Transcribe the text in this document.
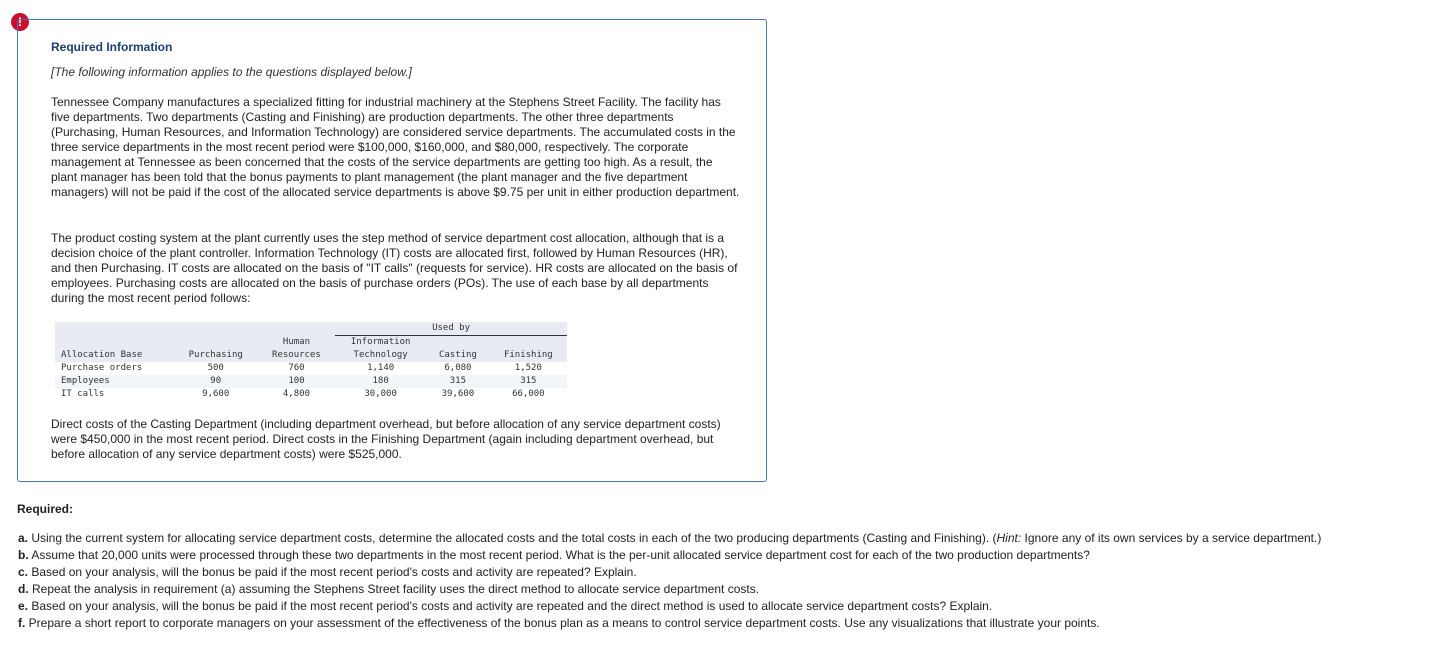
!
Required Information
[The following information applies to the questions displayed below.]

Tennessee Company manufactures a specialized fitting for industrial machinery at the Stephens Street Facility. The facility has five departments. Two departments (Casting and Finishing) are production departments. The other three departments (Purchasing, Human Resources, and Information Technology) are considered service departments. The accumulated costs in the three service departments in the most recent period were $100,000, $160,000, and $80,000, respectively. The corporate management at Tennessee as been concerned that the costs of the service departments are getting too high. As a result, the plant manager has been told that the bonus payments to plant management (the plant manager and the five department managers) will not be paid if the cost of the allocated service departments is above $9.75 per unit in either production department.

The product costing system at the plant currently uses the step method of service department cost allocation, although that is a decision choice of the plant controller. Information Technology (IT) costs are allocated first, followed by Human Resources (HR), and then Purchasing. IT costs are allocated on the basis of "IT calls" (requests for service). HR costs are allocated on the basis of employees. Purchasing costs are allocated on the basis of purchase orders (POs). The use of each base by all departments during the most recent period follows:

			Used by		
		Human	Information		
Allocation Base	Purchasing	Resources	Technology	Casting	Finishing
Purchase orders	500	760	1,140	6,080	1,520
Employees	90	100	180	315	315
IT calls	9,600	4,800	30,000	39,600	66,000

Direct costs of the Casting Department (including department overhead, but before allocation of any service department costs) were $450,000 in the most recent period. Direct costs in the Finishing Department (again including department overhead, but before allocation of any service department costs) were $525,000.

Required:
a. Using the current system for allocating service department costs, determine the allocated costs and the total costs in each of the two producing departments (Casting and Finishing). (Hint: Ignore any of its own services by a service department.)
b. Assume that 20,000 units were processed through these two departments in the most recent period. What is the per-unit allocated service department cost for each of the two production departments?
c. Based on your analysis, will the bonus be paid if the most recent period's costs and activity are repeated? Explain.
d. Repeat the analysis in requirement (a) assuming the Stephens Street facility uses the direct method to allocate service department costs.
e. Based on your analysis, will the bonus be paid if the most recent period's costs and activity are repeated and the direct method is used to allocate service department costs? Explain.
f. Prepare a short report to corporate managers on your assessment of the effectiveness of the bonus plan as a means to control service department costs. Use any visualizations that illustrate your points.
